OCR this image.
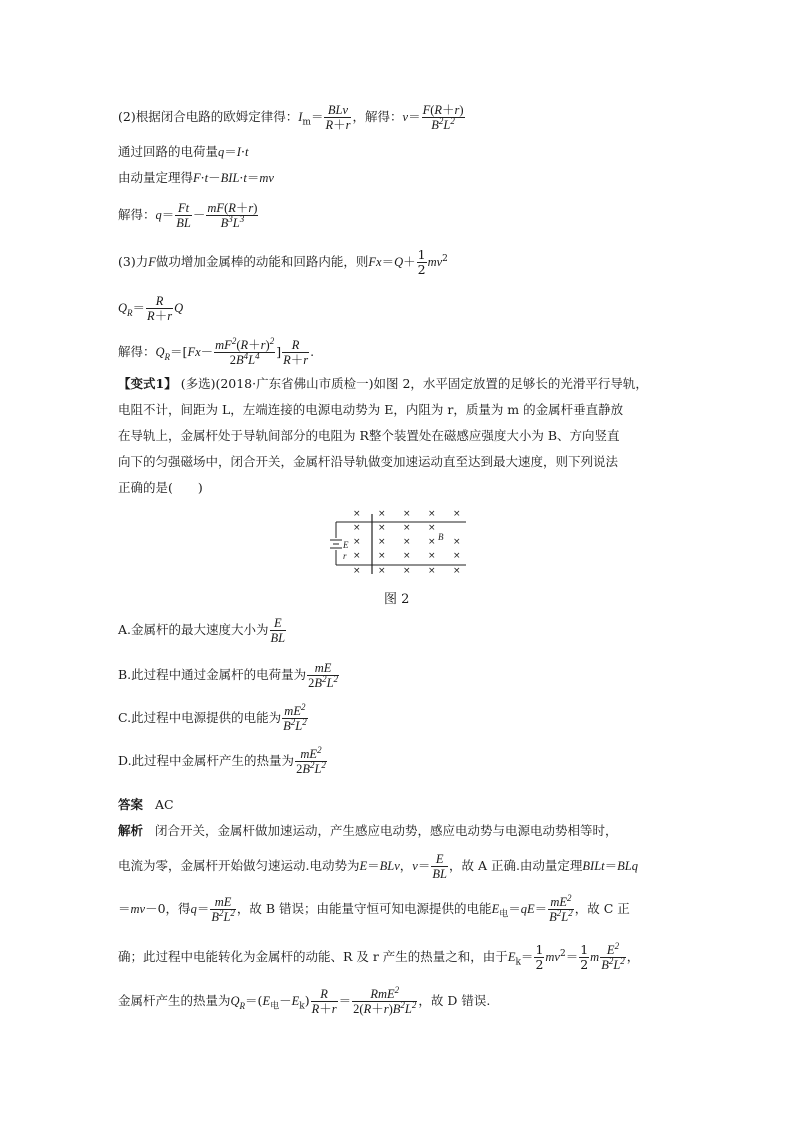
(2)根据闭合电路的欧姆定律得：$I_m= \frac{\text{BLv}}{R+r}$ ，解得：$v= \frac{F(R+r)}{B^2L^2}$
通过回路的电荷量q＝I·t
由动量定理得F·t－BIL·t＝mv
解得：$q= \frac{Ft}{BL} - \frac{mF(R+r)}{B^3L^3}$
(3)力F做功增加金属棒的动能和回路内能，则$Fx=Q+ \frac{1}{2} mv^2$
$Q_R= \frac{R}{R+r}$ Q
解得：$Q_R=[Fx- \frac{mF^2(R+r)^2}{2B^4L^4}$ ] $\frac{R}{R+r}$ .
【变式1】 (多选)(2018·广东省佛山市质检一)如图 2，水平固定放置的足够长的光滑平行导轨，
电阻不计，间距为 L，左端连接的电源电动势为 E，内阻为 r，质量为 m 的金属杆垂直静放
在导轨上，金属杆处于导轨间部分的电阻为 R整个装置处在磁感应强度大小为 B、方向竖直
向下的匀强磁场中，闭合开关，金属杆沿导轨做变加速运动直至达到最大速度，则下列说法
正确的是(　　)
× × × × ×
× × × ×
× × × × ×
× × × × ×
× × × × ×
E
r
B
图 2
A.金属杆的最大速度大小为 $\frac{E}{BL}$
B.此过程中通过金属杆的电荷量为 $\frac{mE}{2B^2L^2}$
C.此过程中电源提供的电能为 $\frac{mE^2}{B^2L^2}$
D.此过程中金属杆产生的热量为 $\frac{mE^2}{2B^2L^2}$
答案 AC
解析 闭合开关，金属杆做加速运动，产生感应电动势，感应电动势与电源电动势相等时，
电流为零，金属杆开始做匀速运动.电动势为E＝BLv，$v= \frac{E}{BL}$ ，故 A 正确.由动量定理BILt＝BLq
＝mv－0，得$q= \frac{mE}{B^2L^2}$ ，故 B 错误；由能量守恒可知电源提供的电能$E_电=qE= \frac{mE^2}{B^2L^2}$ ，故 C 正
确；此过程中电能转化为金属杆的动能、R 及 r 产生的热量之和，由于$E_k= \frac{1}{2} mv^2= \frac{1}{2}$ m $\frac{E^2}{B^2L^2}$ ，
金属杆产生的热量为$Q_R=(E_电-E_k) \frac{R}{R+r} = \frac{RmE^2}{2(R+r)B^2L^2}$ ，故 D 错误.
